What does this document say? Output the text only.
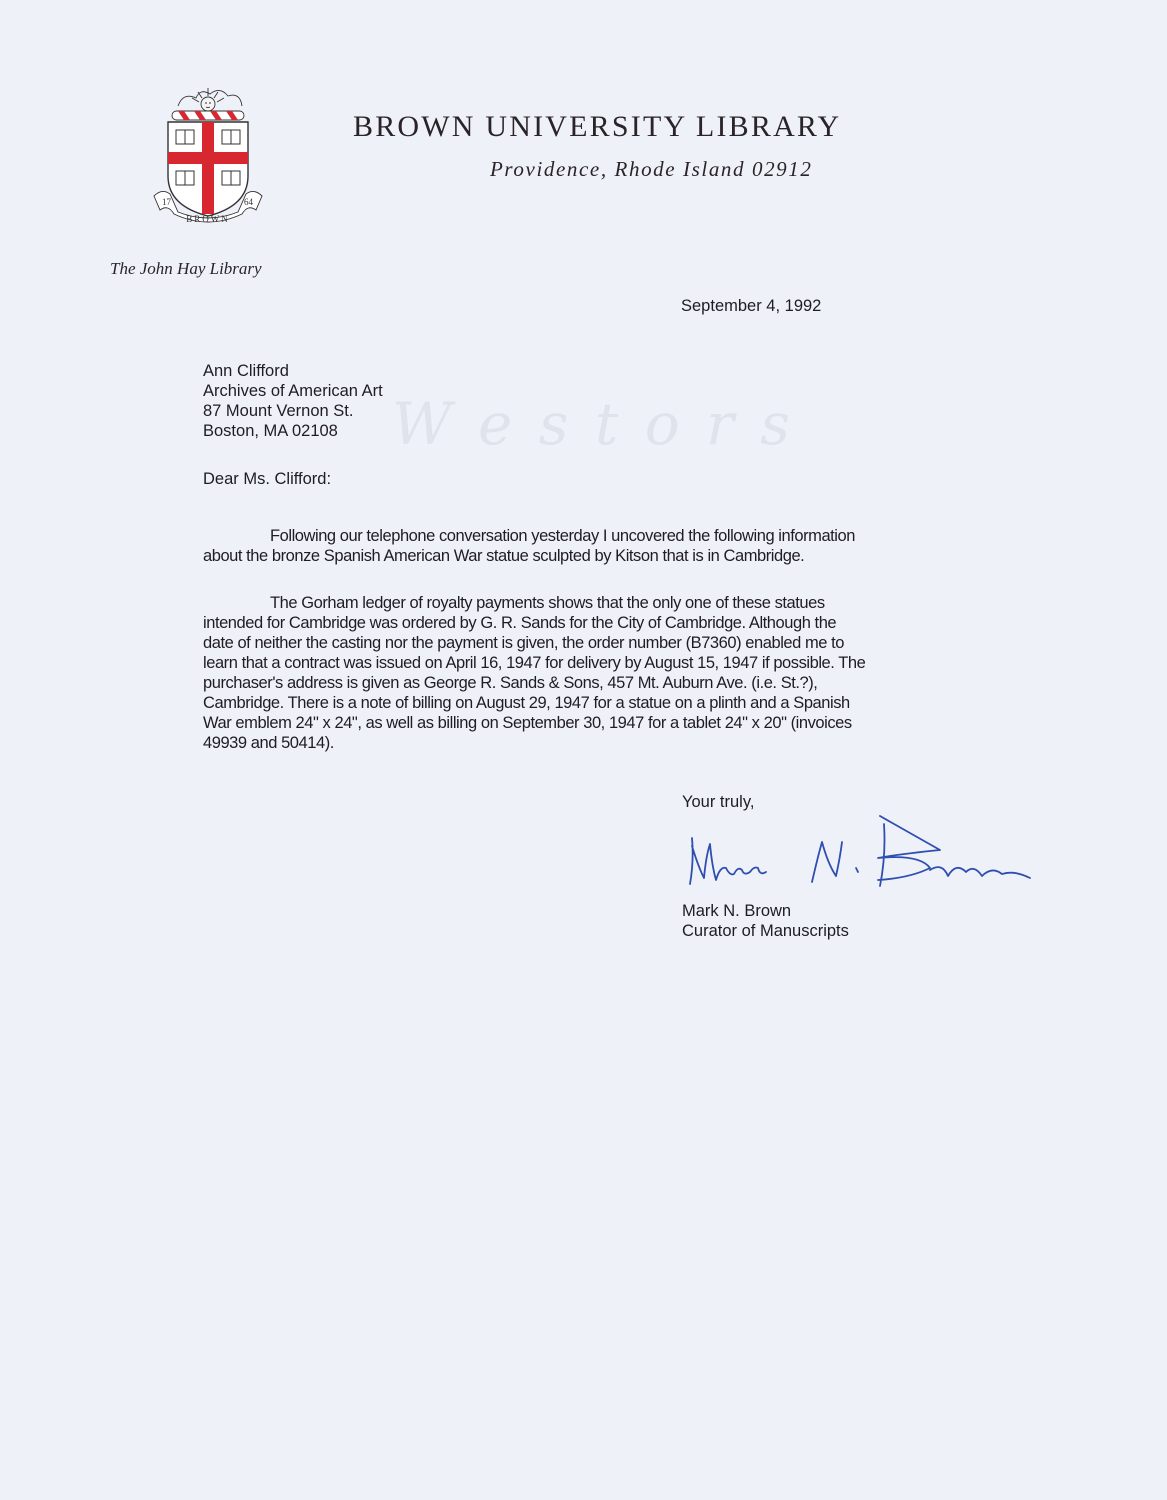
W e s t o r s
17	64
BROWN
BROWN UNIVERSITY LIBRARY
Providence, Rhode Island 02912
The John Hay Library
September 4, 1992
Ann Clifford
Archives of American Art
87 Mount Vernon St.
Boston, MA 02108
Dear Ms. Clifford:
Following our telephone conversation yesterday I uncovered the following information
about the bronze Spanish American War statue sculpted by Kitson that is in Cambridge.
The Gorham ledger of royalty payments shows that the only one of these statues
intended for Cambridge was ordered by G. R. Sands for the City of Cambridge. Although the
date of neither the casting nor the payment is given, the order number (B7360) enabled me to
learn that a contract was issued on April 16, 1947 for delivery by August 15, 1947 if possible. The
purchaser's address is given as George R. Sands & Sons, 457 Mt. Auburn Ave. (i.e. St.?),
Cambridge. There is a note of billing on August 29, 1947 for a statue on a plinth and a Spanish
War emblem 24" x 24", as well as billing on September 30, 1947 for a tablet 24" x 20" (invoices
49939 and 50414).
Your truly,
Mark N. Brown
Curator of Manuscripts
